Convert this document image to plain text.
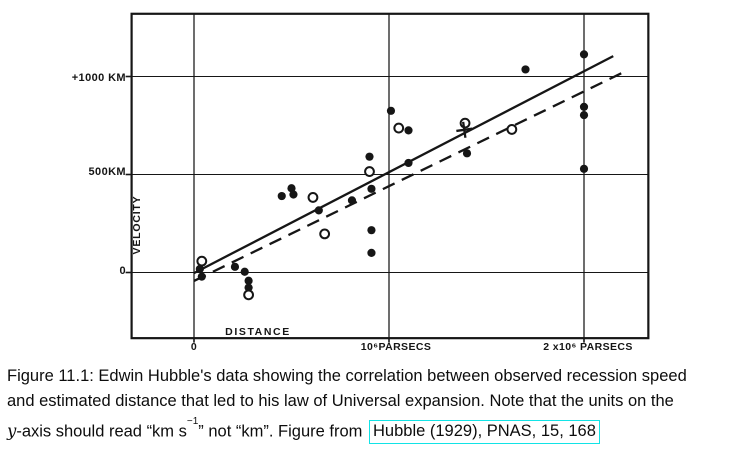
+1000 KM
500KM
0
VELOCITY
DISTANCE
0	10⁶PARSECS	2 x10⁶ PARSECS
Figure 11.1: Edwin Hubble's data showing the correlation between observed recession speed
and estimated distance that led to his law of Universal expansion. Note that the units on the
y-axis should read “km $s^{-1}$” not “km”. Figure from Hubble (1929), PNAS, 15, 168
